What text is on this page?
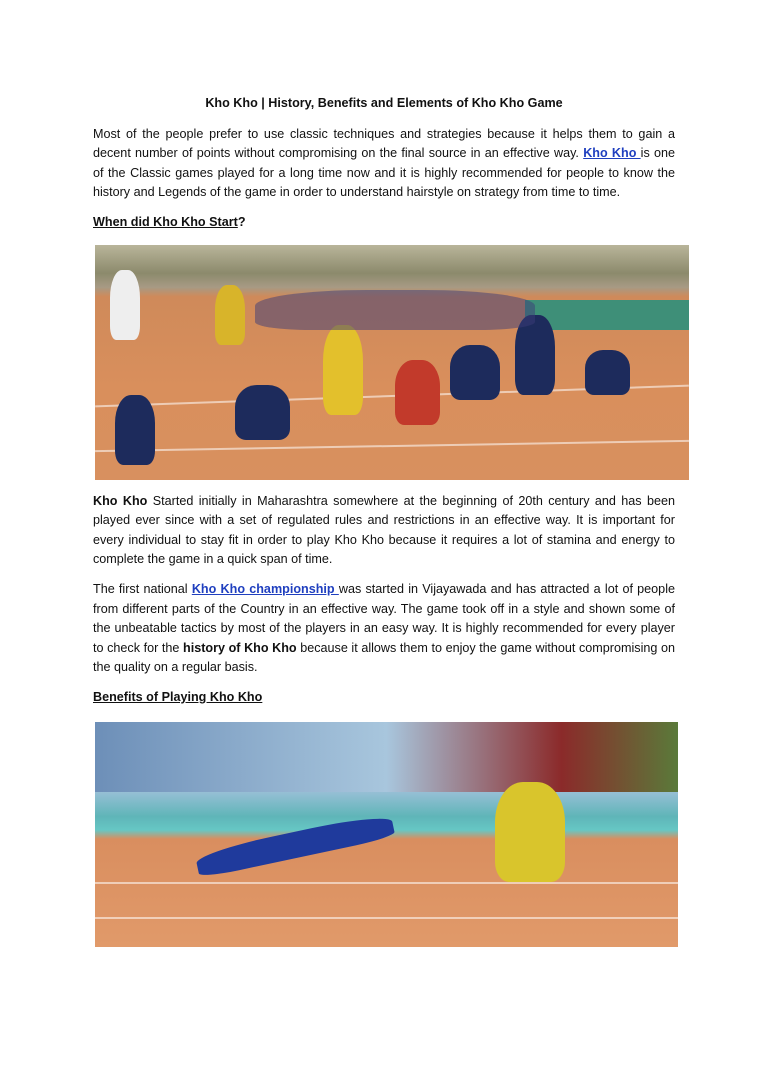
Kho Kho | History, Benefits and Elements of Kho Kho Game

Most of the people prefer to use classic techniques and strategies because it helps them to gain a decent number of points without compromising on the final source in an effective way. Kho Kho is one of the Classic games played for a long time now and it is highly recommended for people to know the history and Legends of the game in order to understand hairstyle on strategy from time to time.

When did Kho Kho Start?

Kho Kho Started initially in Maharashtra somewhere at the beginning of 20th century and has been played ever since with a set of regulated rules and restrictions in an effective way. It is important for every individual to stay fit in order to play Kho Kho because it requires a lot of stamina and energy to complete the game in a quick span of time.

The first national Kho Kho championship was started in Vijayawada and has attracted a lot of people from different parts of the Country in an effective way. The game took off in a style and shown some of the unbeatable tactics by most of the players in an easy way. It is highly recommended for every player to check for the history of Kho Kho because it allows them to enjoy the game without compromising on the quality on a regular basis.

Benefits of Playing Kho Kho
